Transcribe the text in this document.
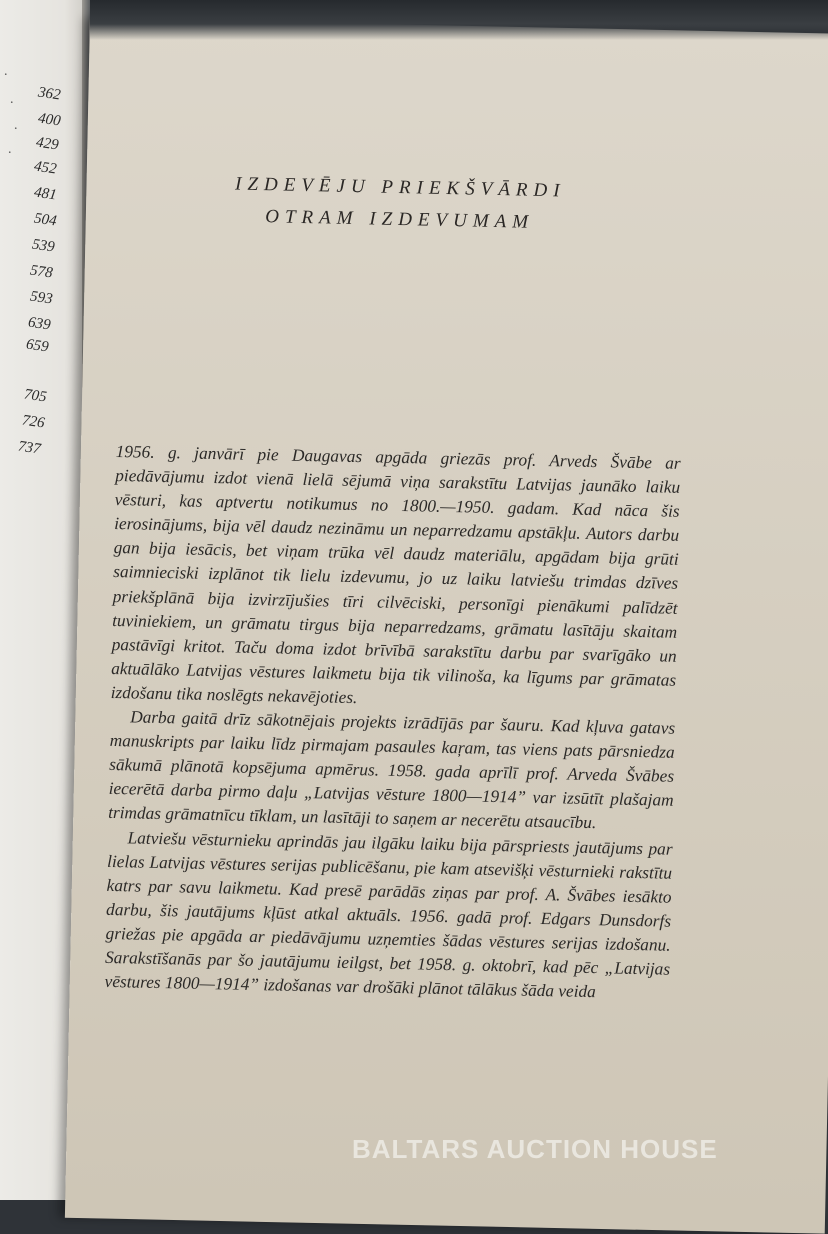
.
.
.
.
362
400
429
452
481
504
539
578
593
639
659
705
726
737
IZDEVĒJU PRIEKŠVĀRDI
OTRAM IZDEVUMAM

1956. g. janvārī pie Daugavas apgāda griezās prof. Arveds Švābe ar piedāvājumu izdot vienā lielā sējumā viņa sarakstītu Latvijas jaunāko laiku vēsturi, kas aptvertu notikumus no 1800.—1950. gadam. Kad nāca šis ierosinājums, bija vēl daudz nezināmu un neparredzamu apstākļu. Autors darbu gan bija iesācis, bet viņam trūka vēl daudz materiālu, apgādam bija grūti saimnieciski izplānot tik lielu izdevumu, jo uz laiku latviešu trimdas dzīves priekšplānā bija izvirzījušies tīri cilvēciski, personīgi pienākumi palīdzēt tuviniekiem, un grāmatu tirgus bija neparredzams, grāmatu lasītāju skaitam pastāvīgi kritot. Taču doma izdot brīvībā sarakstītu darbu par svarīgāko un aktuālāko Latvijas vēstures laikmetu bija tik vilinoša, ka līgums par grāmatas izdošanu tika noslēgts nekavējoties.

Darba gaitā drīz sākotnējais projekts izrādījās par šauru. Kad kļuva gatavs manuskripts par laiku līdz pirmajam pasaules kaŗam, tas viens pats pārsniedza sākumā plānotā kopsējuma apmērus. 1958. gada aprīlī prof. Arveda Švābes iecerētā darba pirmo daļu „Latvijas vēsture 1800—1914” var izsūtīt plašajam trimdas grāmatnīcu tīklam, un lasītāji to saņem ar necerētu atsaucību.

Latviešu vēsturnieku aprindās jau ilgāku laiku bija pārspriests jautājums par lielas Latvijas vēstures serijas publicēšanu, pie kam atsevišķi vēsturnieki rakstītu katrs par savu laikmetu. Kad presē parādās ziņas par prof. A. Švābes iesākto darbu, šis jautājums kļūst atkal aktuāls. 1956. gadā prof. Edgars Dunsdorfs griežas pie apgāda ar piedāvājumu uzņemties šādas vēstures serijas izdošanu. Sarakstīšanās par šo jautājumu ieilgst, bet 1958. g. oktobrī, kad pēc „Latvijas vēstures 1800—1914” izdošanas var drošāki plānot tālākus šāda veida

BALTARS AUCTION HOUSE
